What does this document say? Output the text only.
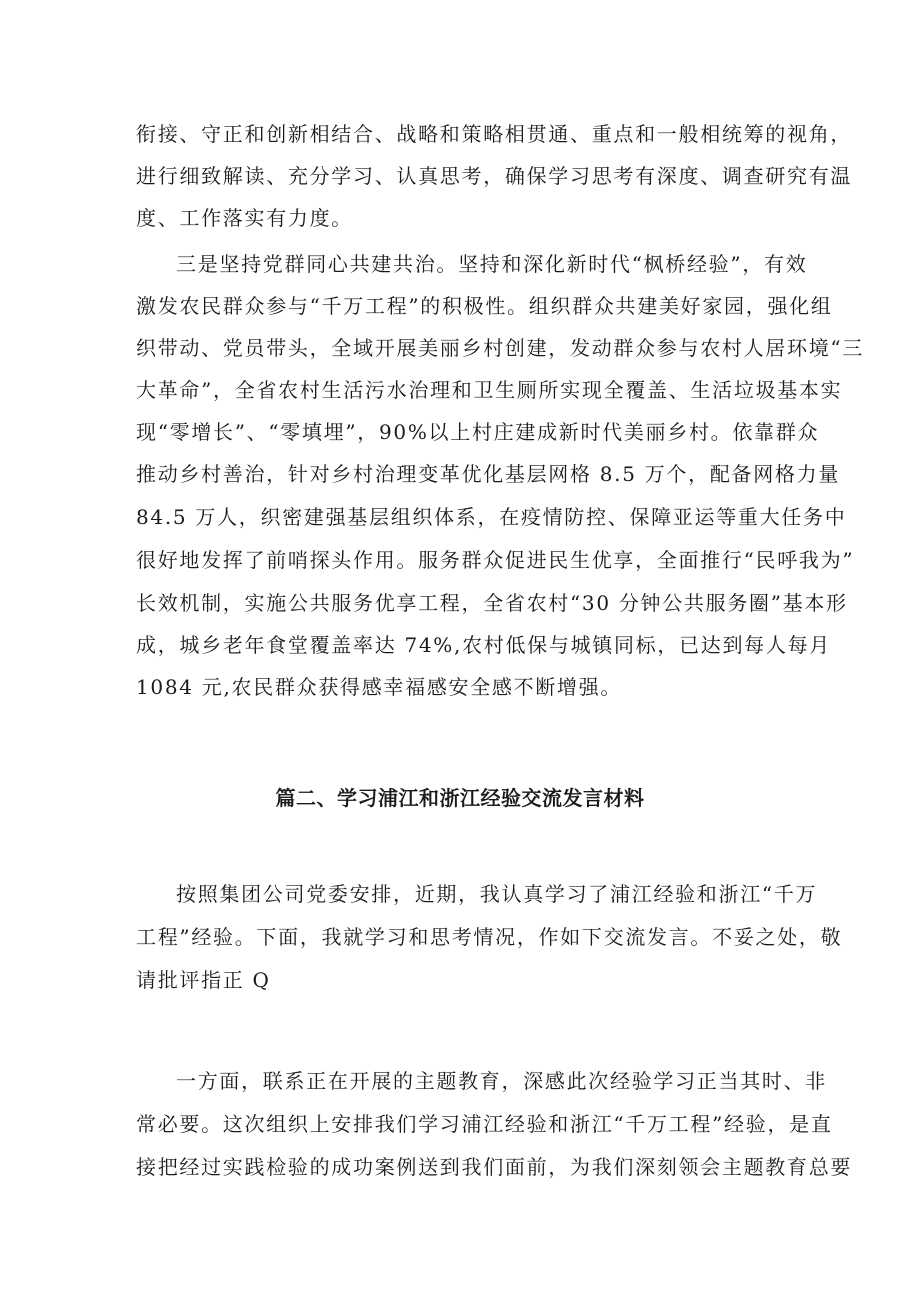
衔接、守正和创新相结合、战略和策略相贯通、重点和一般相统筹的视角，
进行细致解读、充分学习、认真思考，确保学习思考有深度、调查研究有温
度、工作落实有力度。
三是坚持党群同心共建共治。坚持和深化新时代“枫桥经验”，有效
激发农民群众参与“千万工程”的积极性。组织群众共建美好家园，强化组
织带动、党员带头，全域开展美丽乡村创建，发动群众参与农村人居环境“三
大革命”，全省农村生活污水治理和卫生厕所实现全覆盖、生活垃圾基本实
现“零增长”、“零填埋”，90%以上村庄建成新时代美丽乡村。依靠群众
推动乡村善治，针对乡村治理变革优化基层网格 8.5 万个，配备网格力量
84.5 万人，织密建强基层组织体系，在疫情防控、保障亚运等重大任务中
很好地发挥了前哨探头作用。服务群众促进民生优享，全面推行“民呼我为”
长效机制，实施公共服务优享工程，全省农村“30 分钟公共服务圈”基本形
成，城乡老年食堂覆盖率达 74%,农村低保与城镇同标，已达到每人每月
1084 元,农民群众获得感幸福感安全感不断增强。
篇二、学习浦江和浙江经验交流发言材料
按照集团公司党委安排，近期，我认真学习了浦江经验和浙江“千万
工程”经验。下面，我就学习和思考情况，作如下交流发言。不妥之处，敬
请批评指正 Q
一方面，联系正在开展的主题教育，深感此次经验学习正当其时、非
常必要。这次组织上安排我们学习浦江经验和浙江“千万工程”经验，是直
接把经过实践检验的成功案例送到我们面前，为我们深刻领会主题教育总要
